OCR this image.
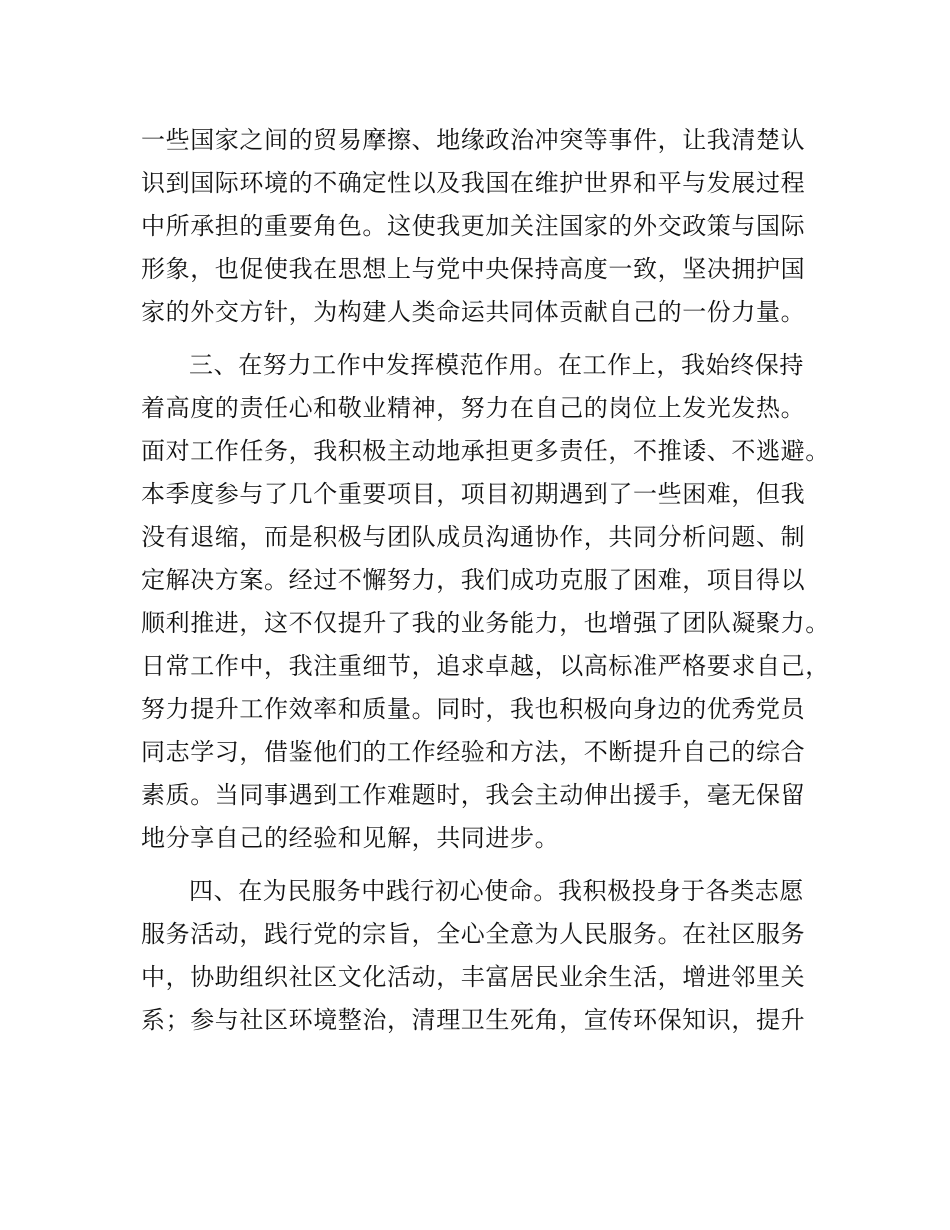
一些国家之间的贸易摩擦、地缘政治冲突等事件，让我清楚认
识到国际环境的不确定性以及我国在维护世界和平与发展过程
中所承担的重要角色。这使我更加关注国家的外交政策与国际
形象，也促使我在思想上与党中央保持高度一致，坚决拥护国
家的外交方针，为构建人类命运共同体贡献自己的一份力量。
三、在努力工作中发挥模范作用。在工作上，我始终保持
着高度的责任心和敬业精神，努力在自己的岗位上发光发热。
面对工作任务，我积极主动地承担更多责任，不推诿、不逃避。
本季度参与了几个重要项目，项目初期遇到了一些困难，但我
没有退缩，而是积极与团队成员沟通协作，共同分析问题、制
定解决方案。经过不懈努力，我们成功克服了困难，项目得以
顺利推进，这不仅提升了我的业务能力，也增强了团队凝聚力。
日常工作中，我注重细节，追求卓越，以高标准严格要求自己，
努力提升工作效率和质量。同时，我也积极向身边的优秀党员
同志学习，借鉴他们的工作经验和方法，不断提升自己的综合
素质。当同事遇到工作难题时，我会主动伸出援手，毫无保留
地分享自己的经验和见解，共同进步。
四、在为民服务中践行初心使命。我积极投身于各类志愿
服务活动，践行党的宗旨，全心全意为人民服务。在社区服务
中，协助组织社区文化活动，丰富居民业余生活，增进邻里关
系；参与社区环境整治，清理卫生死角，宣传环保知识，提升
